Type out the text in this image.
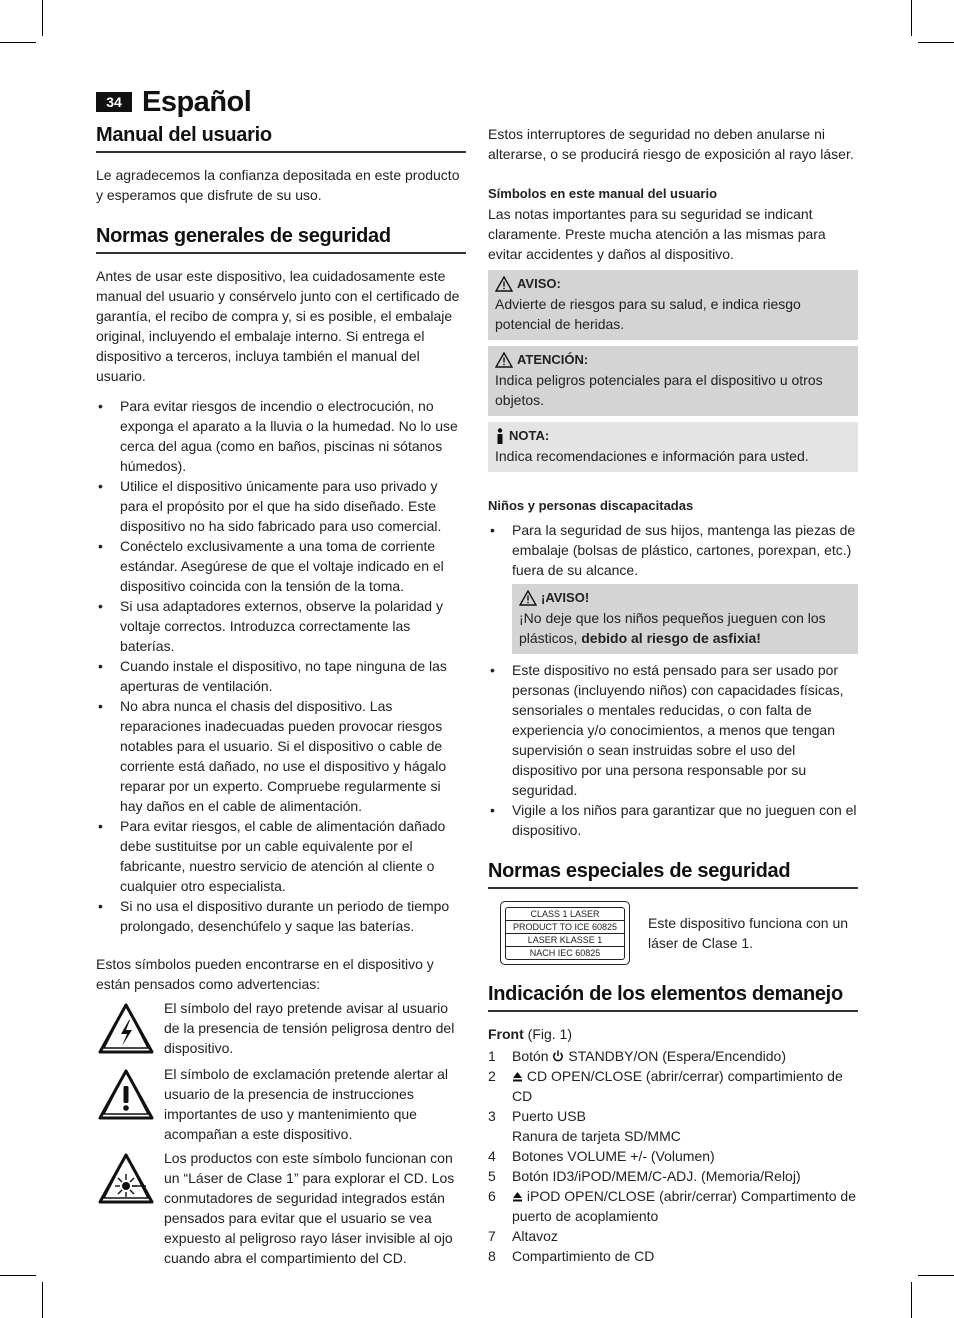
34 Español
Manual del usuario

Le agradecemos la confianza depositada en este producto y esperamos que disfrute de su uso.

Normas generales de seguridad

Antes de usar este dispositivo, lea cuidadosamente este manual del usuario y consérvelo junto con el certificado de garantía, el recibo de compra y, si es posible, el embalaje original, incluyendo el embalaje interno. Si entrega el dispositivo a terceros, incluya también el manual del usuario.

• Para evitar riesgos de incendio o electrocución, no exponga el aparato a la lluvia o la humedad. No lo use cerca del agua (como en baños, piscinas ni sótanos húmedos).
• Utilice el dispositivo únicamente para uso privado y para el propósito por el que ha sido diseñado. Este dispositivo no ha sido fabricado para uso comercial.
• Conéctelo exclusivamente a una toma de corriente estándar. Asegúrese de que el voltaje indicado en el dispositivo coincida con la tensión de la toma.
• Si usa adaptadores externos, observe la polaridad y voltaje correctos. Introduzca correctamente las baterías.
• Cuando instale el dispositivo, no tape ninguna de las aperturas de ventilación.
• No abra nunca el chasis del dispositivo. Las reparaciones inadecuadas pueden provocar riesgos notables para el usuario. Si el dispositivo o cable de corriente está dañado, no use el dispositivo y hágalo reparar por un experto. Compruebe regularmente si hay daños en el cable de alimentación.
• Para evitar riesgos, el cable de alimentación dañado debe sustituitse por un cable equivalente por el fabricante, nuestro servicio de atención al cliente o cualquier otro especialista.
• Si no usa el dispositivo durante un periodo de tiempo prolongado, desenchúfelo y saque las baterías.

Estos símbolos pueden encontrarse en el dispositivo y están pensados como advertencias:

El símbolo del rayo pretende avisar al usuario de la presencia de tensión peligrosa dentro del dispositivo.
El símbolo de exclamación pretende alertar al usuario de la presencia de instrucciones importantes de uso y mantenimiento que acompañan a este dispositivo.
Los productos con este símbolo funcionan con un “Láser de Clase 1” para explorar el CD. Los conmutadores de seguridad integrados están pensados para evitar que el usuario se vea expuesto al peligroso rayo láser invisible al ojo cuando abra el compartimiento del CD.

Estos interruptores de seguridad no deben anularse ni alterarse, o se producirá riesgo de exposición al rayo láser.

Símbolos en este manual del usuario

Las notas importantes para su seguridad se indicant claramente. Preste mucha atención a las mismas para evitar accidentes y daños al dispositivo.

AVISO:
Advierte de riesgos para su salud, e indica riesgo potencial de heridas.
ATENCIÓN:
Indica peligros potenciales para el dispositivo u otros objetos.
NOTA:
Indica recomendaciones e información para usted.
Niños y personas discapacitadas
• Para la seguridad de sus hijos, mantenga las piezas de embalaje (bolsas de plástico, cartones, porexpan, etc.) fuera de su alcance.
¡AVISO!
¡No deje que los niños pequeños jueguen con los plásticos, debido al riesgo de asfixia!
• Este dispositivo no está pensado para ser usado por personas (incluyendo niños) con capacidades físicas, sensoriales o mentales reducidas, o con falta de experiencia y/o conocimientos, a menos que tengan supervisión o sean instruidas sobre el uso del dispositivo por una persona responsable por su seguridad.
• Vigile a los niños para garantizar que no jueguen con el dispositivo.
Normas especiales de seguridad
CLASS 1 LASER
PRODUCT TO ICE 60825
LASER KLASSE 1
NACH IEC 60825
Este dispositivo funciona con un láser de Clase 1.
Indicación de los elementos demanejo
Front (Fig. 1)
1	Botón STANDBY/ON (Espera/Encendido)
2	CD OPEN/CLOSE (abrir/cerrar) compartimiento de CD
3	Puerto USB
Ranura de tarjeta SD/MMC
4	Botones VOLUME +/- (Volumen)
5	Botón ID3/iPOD/MEM/C-ADJ. (Memoria/Reloj)
6	iPOD OPEN/CLOSE (abrir/cerrar) Compartimento de puerto de acoplamiento
7	Altavoz
8	Compartimiento de CD
